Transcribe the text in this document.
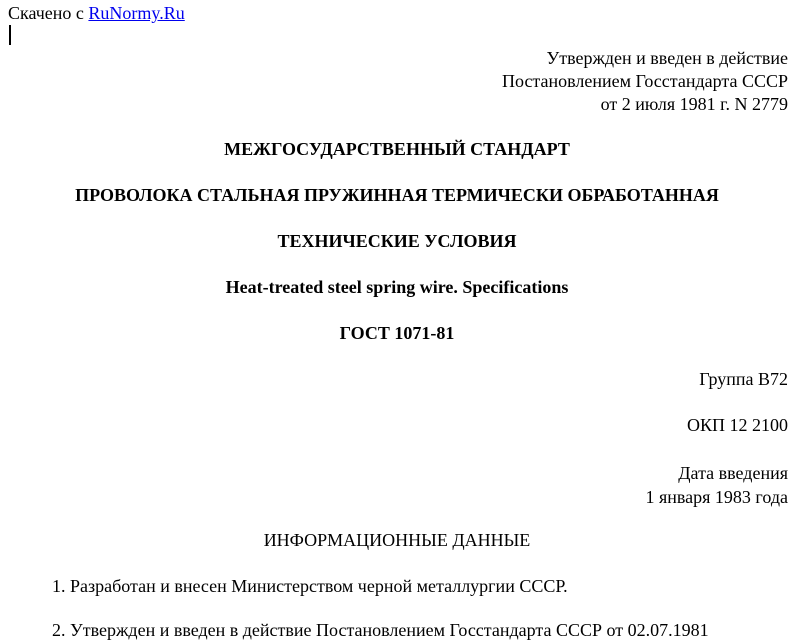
Скачено с RuNormy.Ru
Утвержден и введен в действие
Постановлением Госстандарта СССР
от 2 июля 1981 г. N 2779
МЕЖГОСУДАРСТВЕННЫЙ СТАНДАРТ
ПРОВОЛОКА СТАЛЬНАЯ ПРУЖИННАЯ ТЕРМИЧЕСКИ ОБРАБОТАННАЯ
ТЕХНИЧЕСКИЕ УСЛОВИЯ
Heat-treated steel spring wire. Specifications
ГОСТ 1071-81
Группа В72
ОКП 12 2100
Дата введения
1 января 1983 года
ИНФОРМАЦИОННЫЕ ДАННЫЕ
1. Разработан и внесен Министерством черной металлургии СССР.
2. Утвержден и введен в действие Постановлением Госстандарта СССР от 02.07.1981
